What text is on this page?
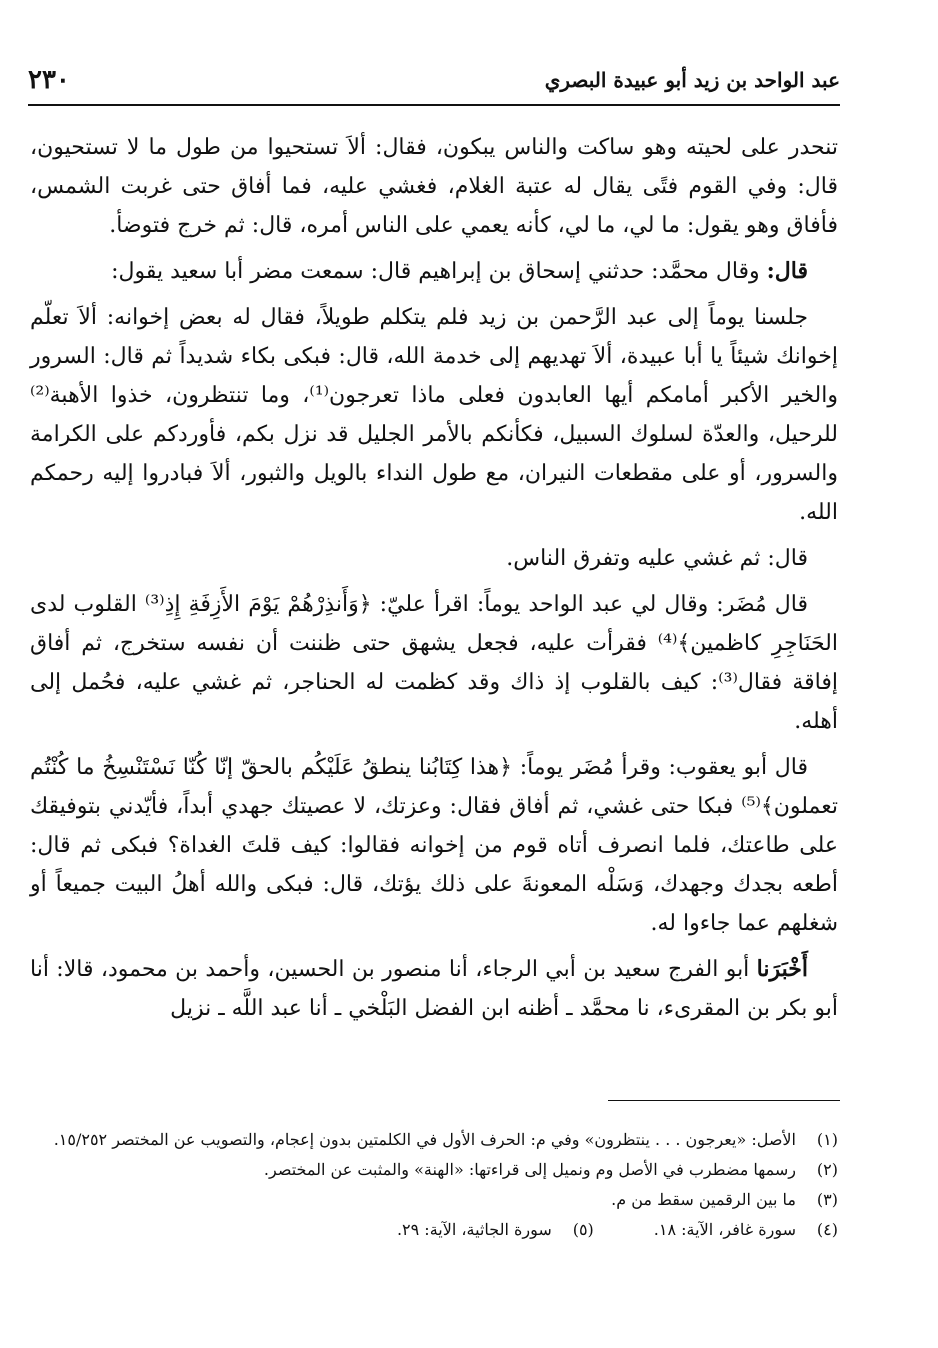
عبد الواحد بن زيد أبو عبيدة البصري
٢٣٠

تنحدر على لحيته وهو ساكت والناس يبكون، فقال: ألاَ تستحيوا من طول ما لا تستحيون، قال: وفي القوم فتًى يقال له عتبة الغلام، فغشي عليه، فما أفاق حتى غربت الشمس، فأفاق وهو يقول: ما لي، ما لي، كأنه يعمي على الناس أمره، قال: ثم خرج فتوضأ.

قال: وقال محمَّد: حدثني إسحاق بن إبراهيم قال: سمعت مضر أبا سعيد يقول:

جلسنا يوماً إلى عبد الرَّحمن بن زيد فلم يتكلم طويلاً، فقال له بعض إخوانه: ألاَ تعلّم إخوانك شيئاً يا أبا عبيدة، ألاَ تهديهم إلى خدمة الله، قال: فبكى بكاء شديداً ثم قال: السرور والخير الأكبر أمامكم أيها العابدون فعلى ماذا تعرجون⁽¹⁾، وما تنتظرون، خذوا الأهبة⁽²⁾ للرحيل، والعدّة لسلوك السبيل، فكأنكم بالأمر الجليل قد نزل بكم، فأوردكم على الكرامة والسرور، أو على مقطعات النيران، مع طول النداء بالويل والثبور، ألاَ فبادروا إليه رحمكم الله.

قال: ثم غشي عليه وتفرق الناس.

قال مُضَر: وقال لي عبد الواحد يوماً: اقرأ عليّ: ﴿وَأَنذِرْهُمْ يَوْمَ الأَزِفَةِ إِذِ⁽³⁾ القلوب لدى الحَنَاجِرِ كاظمين﴾⁽⁴⁾ فقرأت عليه، فجعل يشهق حتى ظننت أن نفسه ستخرج، ثم أفاق إفاقة فقال⁽³⁾: كيف بالقلوب إذ ذاك وقد كظمت له الحناجر، ثم غشي عليه، فحُمل إلى أهله.

قال أبو يعقوب: وقرأ مُضَر يوماً: ﴿هذا كِتَابُنا ينطقُ عَلَيْكُم بالحقّ إنّا كُنّا نَسْتَنْسِخُ ما كُنْتُم تعملون﴾⁽⁵⁾ فبكا حتى غشي، ثم أفاق فقال: وعزتك، لا عصيتك جهدي أبداً، فأيّدني بتوفيقك على طاعتك، فلما انصرف أتاه قوم من إخوانه فقالوا: كيف قلتَ الغداة؟ فبكى ثم قال: أطعه بجدك وجهدك، وَسَلْه المعونةَ على ذلك يؤتك، قال: فبكى والله أهلُ البيت جميعاً أو شغلهم عما جاءوا له.

أَخْبَرَنا أبو الفرج سعيد بن أبي الرجاء، أنا منصور بن الحسين، وأحمد بن محمود، قالا: أنا أبو بكر بن المقرىء، نا محمَّد ـ أظنه ابن الفضل البَلْخي ـ أنا عبد اللَّه ـ نزيل

(١)
الأصل: «يعرجون . . . ينتظرون» وفي م: الحرف الأول في الكلمتين بدون إعجام، والتصويب عن المختصر ١٥/٢٥٢.
(٢)
رسمها مضطرب في الأصل وم ونميل إلى قراءتها: «الهنة» والمثبت عن المختصر.
(٣)
ما بين الرقمين سقط من م.
(٤)
سورة غافر، الآية: ١٨.
(٥)
سورة الجاثية، الآية: ٢٩.
